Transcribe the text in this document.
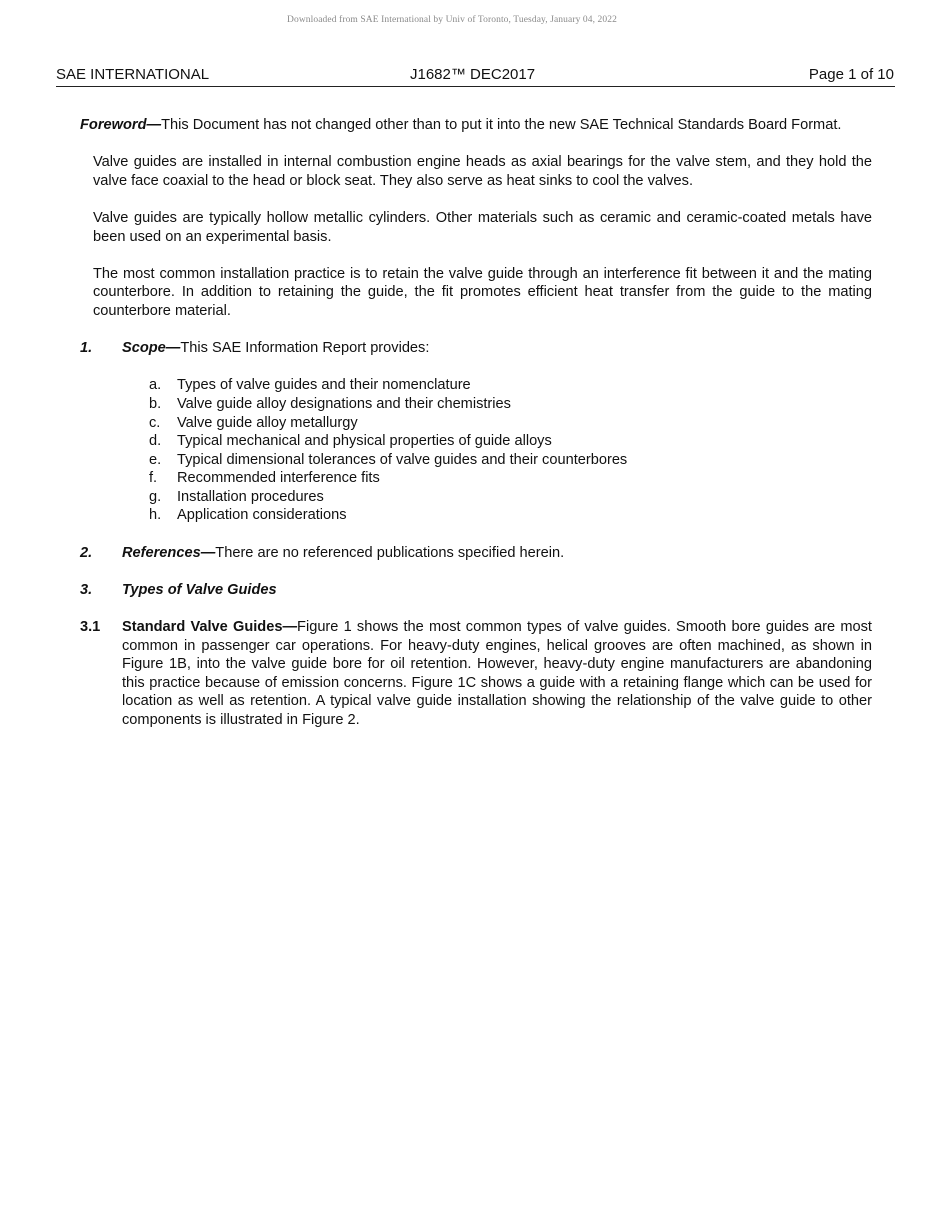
Downloaded from SAE International by Univ of Toronto, Tuesday, January 04, 2022
SAE INTERNATIONAL	J1682™ DEC2017	Page 1 of 10

Foreword—This Document has not changed other than to put it into the new SAE Technical Standards Board Format.

Valve guides are installed in internal combustion engine heads as axial bearings for the valve stem, and they hold the valve face coaxial to the head or block seat. They also serve as heat sinks to cool the valves.

Valve guides are typically hollow metallic cylinders. Other materials such as ceramic and ceramic-coated metals have been used on an experimental basis.

The most common installation practice is to retain the valve guide through an interference fit between it and the mating counterbore. In addition to retaining the guide, the fit promotes efficient heat transfer from the guide to the mating counterbore material.

1. Scope—This SAE Information Report provides:
a. Types of valve guides and their nomenclature
b. Valve guide alloy designations and their chemistries
c. Valve guide alloy metallurgy
d. Typical mechanical and physical properties of guide alloys
e. Typical dimensional tolerances of valve guides and their counterbores
f. Recommended interference fits
g. Installation procedures
h. Application considerations
2. References—There are no referenced publications specified herein.
3. Types of Valve Guides
3.1 Standard Valve Guides—Figure 1 shows the most common types of valve guides. Smooth bore guides are most common in passenger car operations. For heavy-duty engines, helical grooves are often machined, as shown in Figure 1B, into the valve guide bore for oil retention. However, heavy-duty engine manufacturers are abandoning this practice because of emission concerns. Figure 1C shows a guide with a retaining flange which can be used for location as well as retention. A typical valve guide installation showing the relationship of the valve guide to other components is illustrated in Figure 2.
